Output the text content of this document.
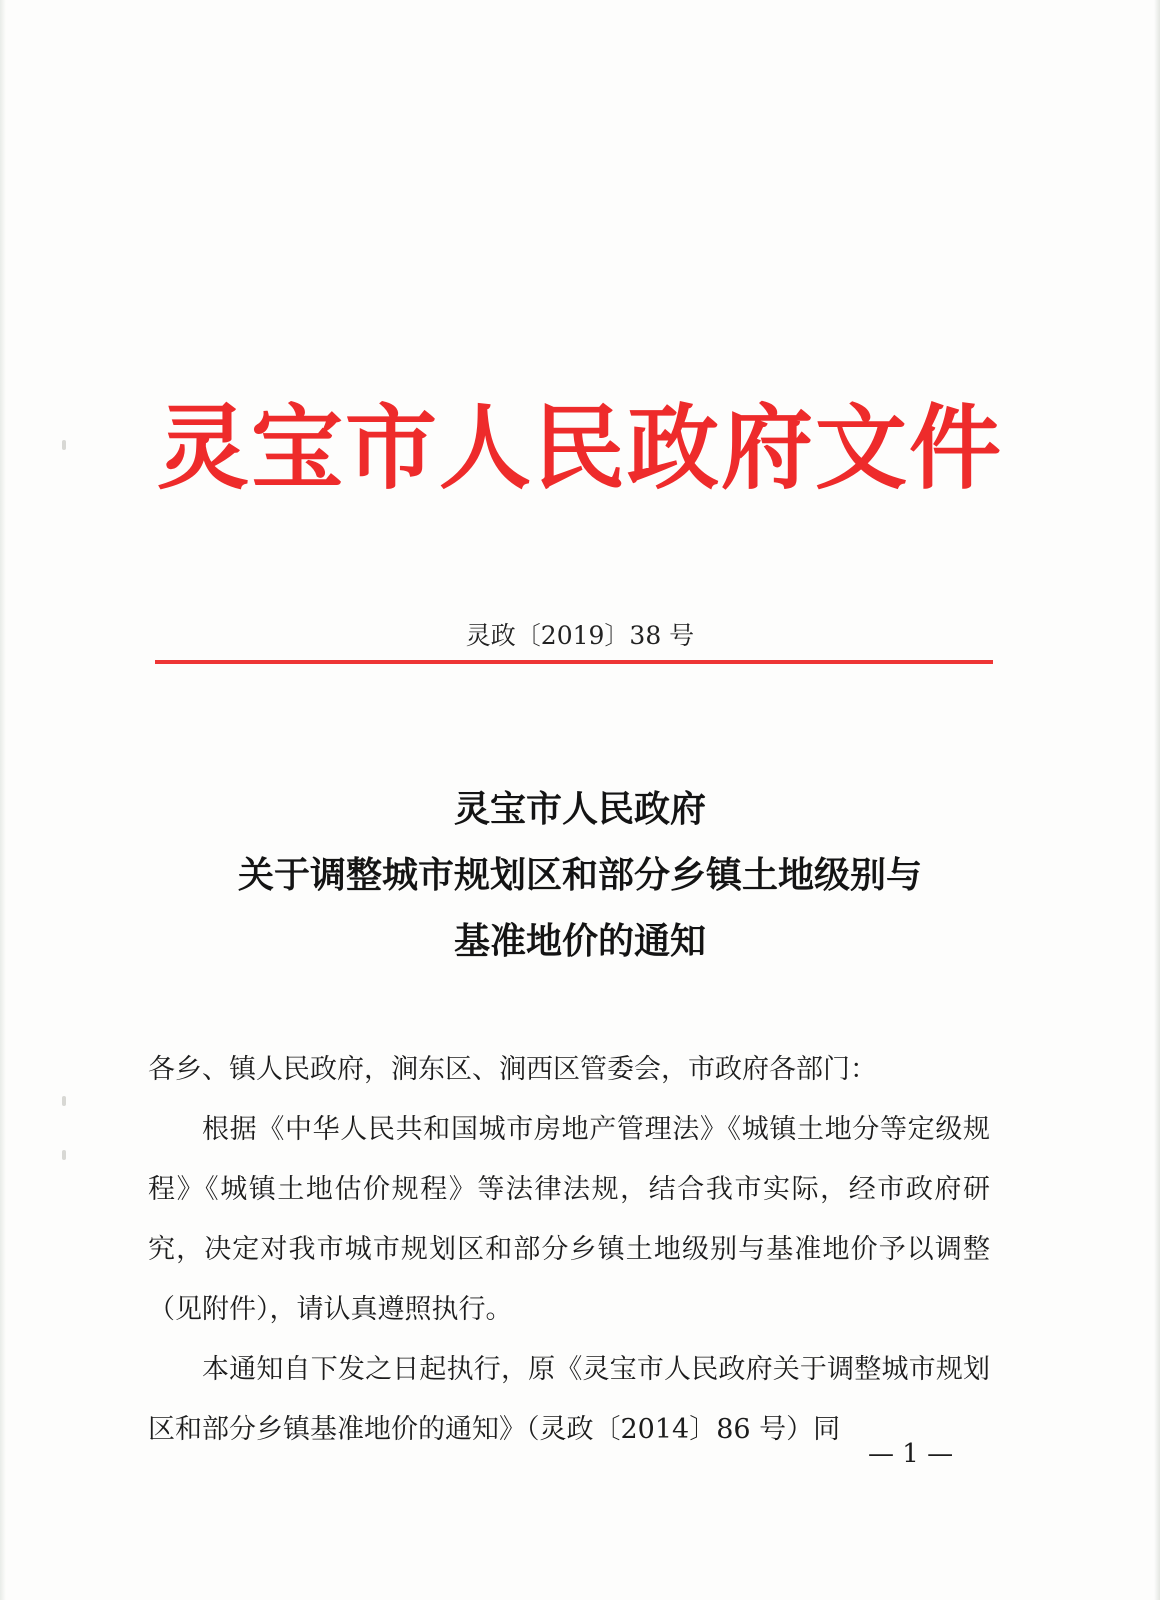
灵宝市人民政府文件
灵政〔2019〕38 号
灵宝市人民政府
关于调整城市规划区和部分乡镇土地级别与
基准地价的通知

各乡、镇人民政府，涧东区、涧西区管委会，市政府各部门：

根据《中华人民共和国城市房地产管理法》《城镇土地分等定级规程》《城镇土地估价规程》等法律法规，结合我市实际，经市政府研究，决定对我市城市规划区和部分乡镇土地级别与基准地价予以调整（见附件），请认真遵照执行。

本通知自下发之日起执行，原《灵宝市人民政府关于调整城市规划区和部分乡镇基准地价的通知》（灵政〔2014〕86 号）同

— 1 —
